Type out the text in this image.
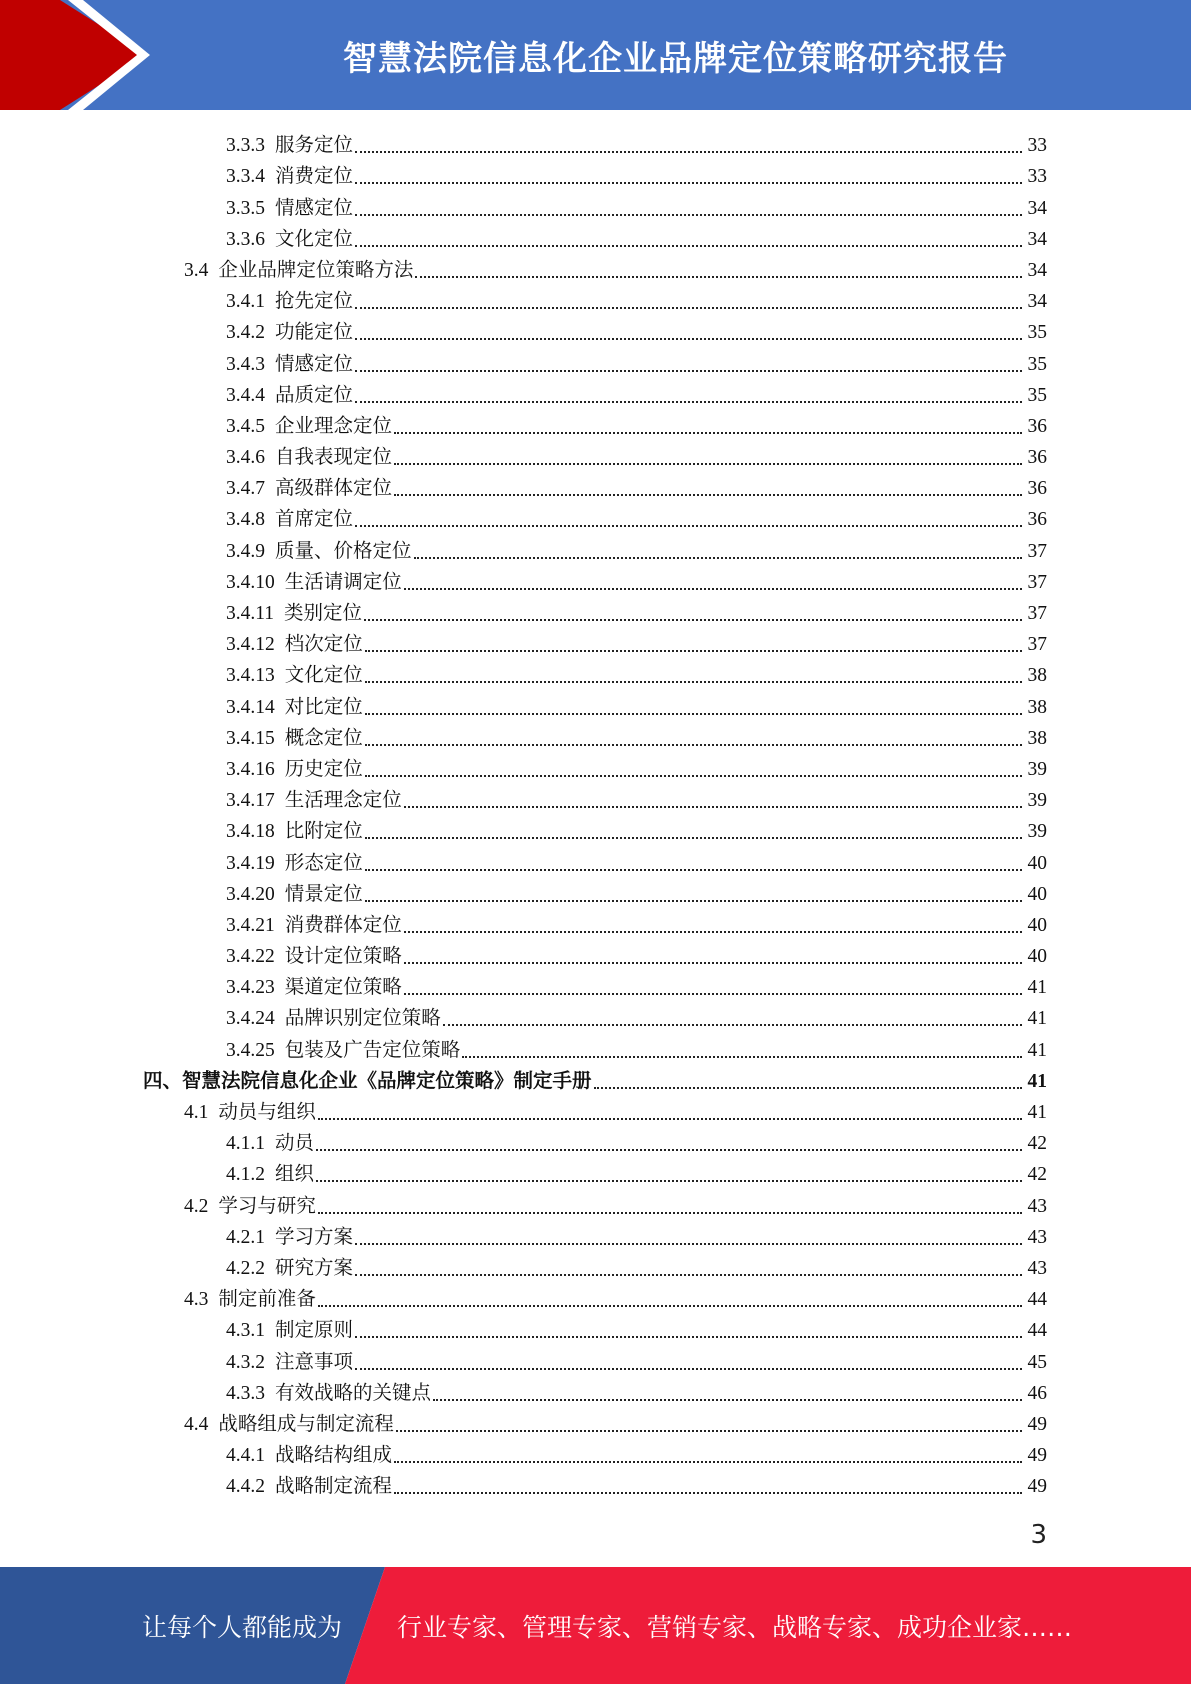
智慧法院信息化企业品牌定位策略研究报告
3.3.3 服务定位	33
3.3.4 消费定位	33
3.3.5 情感定位	34
3.3.6 文化定位	34
3.4 企业品牌定位策略方法	34
3.4.1 抢先定位	34
3.4.2 功能定位	35
3.4.3 情感定位	35
3.4.4 品质定位	35
3.4.5 企业理念定位	36
3.4.6 自我表现定位	36
3.4.7 高级群体定位	36
3.4.8 首席定位	36
3.4.9 质量、价格定位	37
3.4.10 生活请调定位	37
3.4.11 类别定位	37
3.4.12 档次定位	37
3.4.13 文化定位	38
3.4.14 对比定位	38
3.4.15 概念定位	38
3.4.16 历史定位	39
3.4.17 生活理念定位	39
3.4.18 比附定位	39
3.4.19 形态定位	40
3.4.20 情景定位	40
3.4.21 消费群体定位	40
3.4.22 设计定位策略	40
3.4.23 渠道定位策略	41
3.4.24 品牌识别定位策略	41
3.4.25 包装及广告定位策略	41
四、智慧法院信息化企业《品牌定位策略》制定手册	41
4.1 动员与组织	41
4.1.1 动员	42
4.1.2 组织	42
4.2 学习与研究	43
4.2.1 学习方案	43
4.2.2 研究方案	43
4.3 制定前准备	44
4.3.1 制定原则	44
4.3.2 注意事项	45
4.3.3 有效战略的关键点	46
4.4 战略组成与制定流程	49
4.4.1 战略结构组成	49
4.4.2 战略制定流程	49
3
让每个人都能成为 行业专家、管理专家、营销专家、战略专家、成功企业家……
